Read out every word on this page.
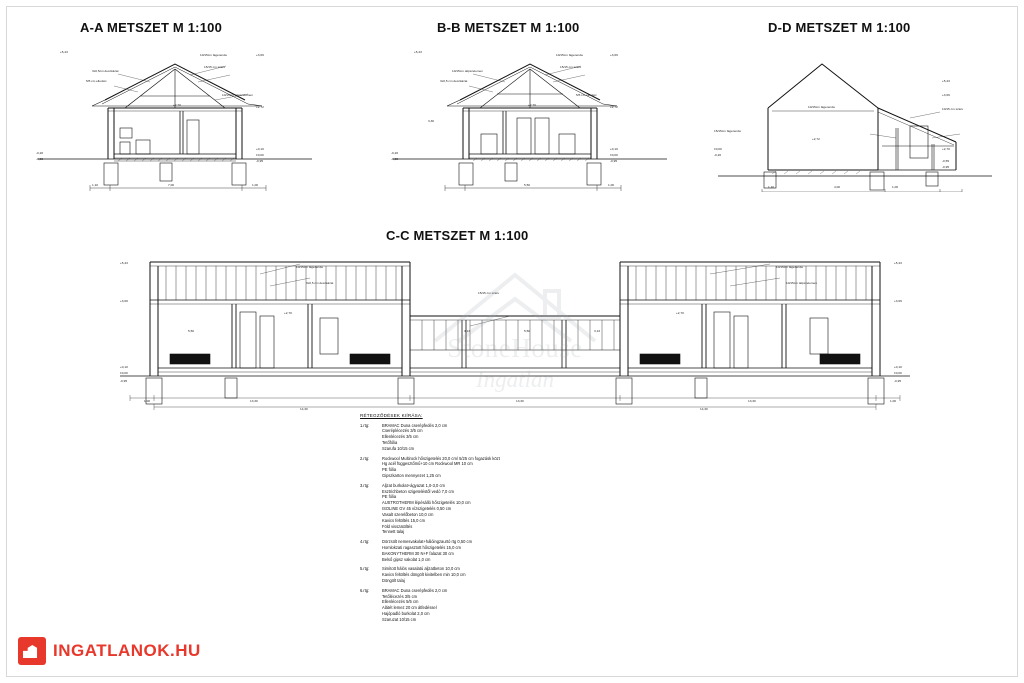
A-A METSZET M 1:100
3x0,5cm deszkázat
5/5 cm ellenléc
10/15cm fagerenda
15/15 cm szaru
10/15cm talpszelemen
+5,43
+3,69
+2,70	+2,72
+0,10
±0,00
-0,20
-0,55	-0,95
1,10	7,00	1,00
B-B METSZET M 1:100
10/15cm talpszelemen
3x0,5 cm deszkázat
10/15cm fagerenda
15/15 cm szaru
5/5 cm ellenléc
+5,43
+3,69
+2,70	+2,72
+0,10
±0,00
-0,20
-0,55	-0,95
3,30
5,50	1,00
D-D METSZET M 1:100
10/15 cm szaru
10/15cm fagerenda
15/15cm fagerenda
+5,43
+3,69
+2,72
+2,70
±0,00
-0,20
-0,55
-0,95
1,10	4,00	1,00
C-C METSZET M 1:100
+5,43	+5,43
+3,69	+3,69
+0,10
±0,00
+0,10
±0,00
-0,95	-0,95
+2,70	+2,70
10/15cm fagerenda
3x0,5 cm deszkázat
15/15 cm szaru
10/15cm fagerenda
10/15cm talpszelemen
5,50	3,13	5,50	3,13
1,00	13,30	13,30	13,30	1,00
14,30	14,30
StoneHouse
Ingatlan
RÉTEGZŐDÉSEK KIÍRÁSA:
1.rtg:	BRAMAC Duna cserépfedés 2,0 cm
Cseréplécezés 3/5 cm
Ellenlécezés 3/5 cm
Tetőfólia
Szarufa 10/15 cm
2.rtg:	Rockwool Multirock hőszigetelés 20,0 cm/ 5/25 cm fogazásk közt
Hg acél függesztőmű+10 cm Rockwool MR 10 cm
PE fólia
Gipszkarton mennyezet 1,25 cm
3.rtg:	Aljzat burkolat+ágyazat 1,0-3,0 cm
Esztrichbeton szigeteléstől vedó 7,0 cm
PE fólia
AUSTROTHERM lépésálló hőszigetelés 10,0 cm
ISOLINE GV 45 vízszigetelés 0,50 cm
Vasalt szerelőbeton 10,0 cm
Kavics feltöltés 15,0 cm
Föld visszatöltés
Tennett talaj
4.rtg:	Dörzsölt nemesvakolat+hálóingzaurtó rtg 0,50 cm
Homlokzati ragasztott hőszigetelés 15,0 cm
BAKONYTHERM 30 N+F falazat 30 cm
Belső gipsz vakolat 1,0 cm
5.rtg:	Simított hálós vasalatú aljzatbeton 10,0 cm
Kavics feltöltés döngölt kivitelben min 10,0 cm
Döngölt talaj
6.rtg:	BRAMAC Duna cserépfedés 2,0 cm
Tetőlécezés 3/5 cm
Ellenlécezés 5/5 cm
Alátét lemez 20 cm átfedéssel
Hajópadló burkolat 2,0 cm
Szaruzat 10/15 cm
INGATLANOK.HU
